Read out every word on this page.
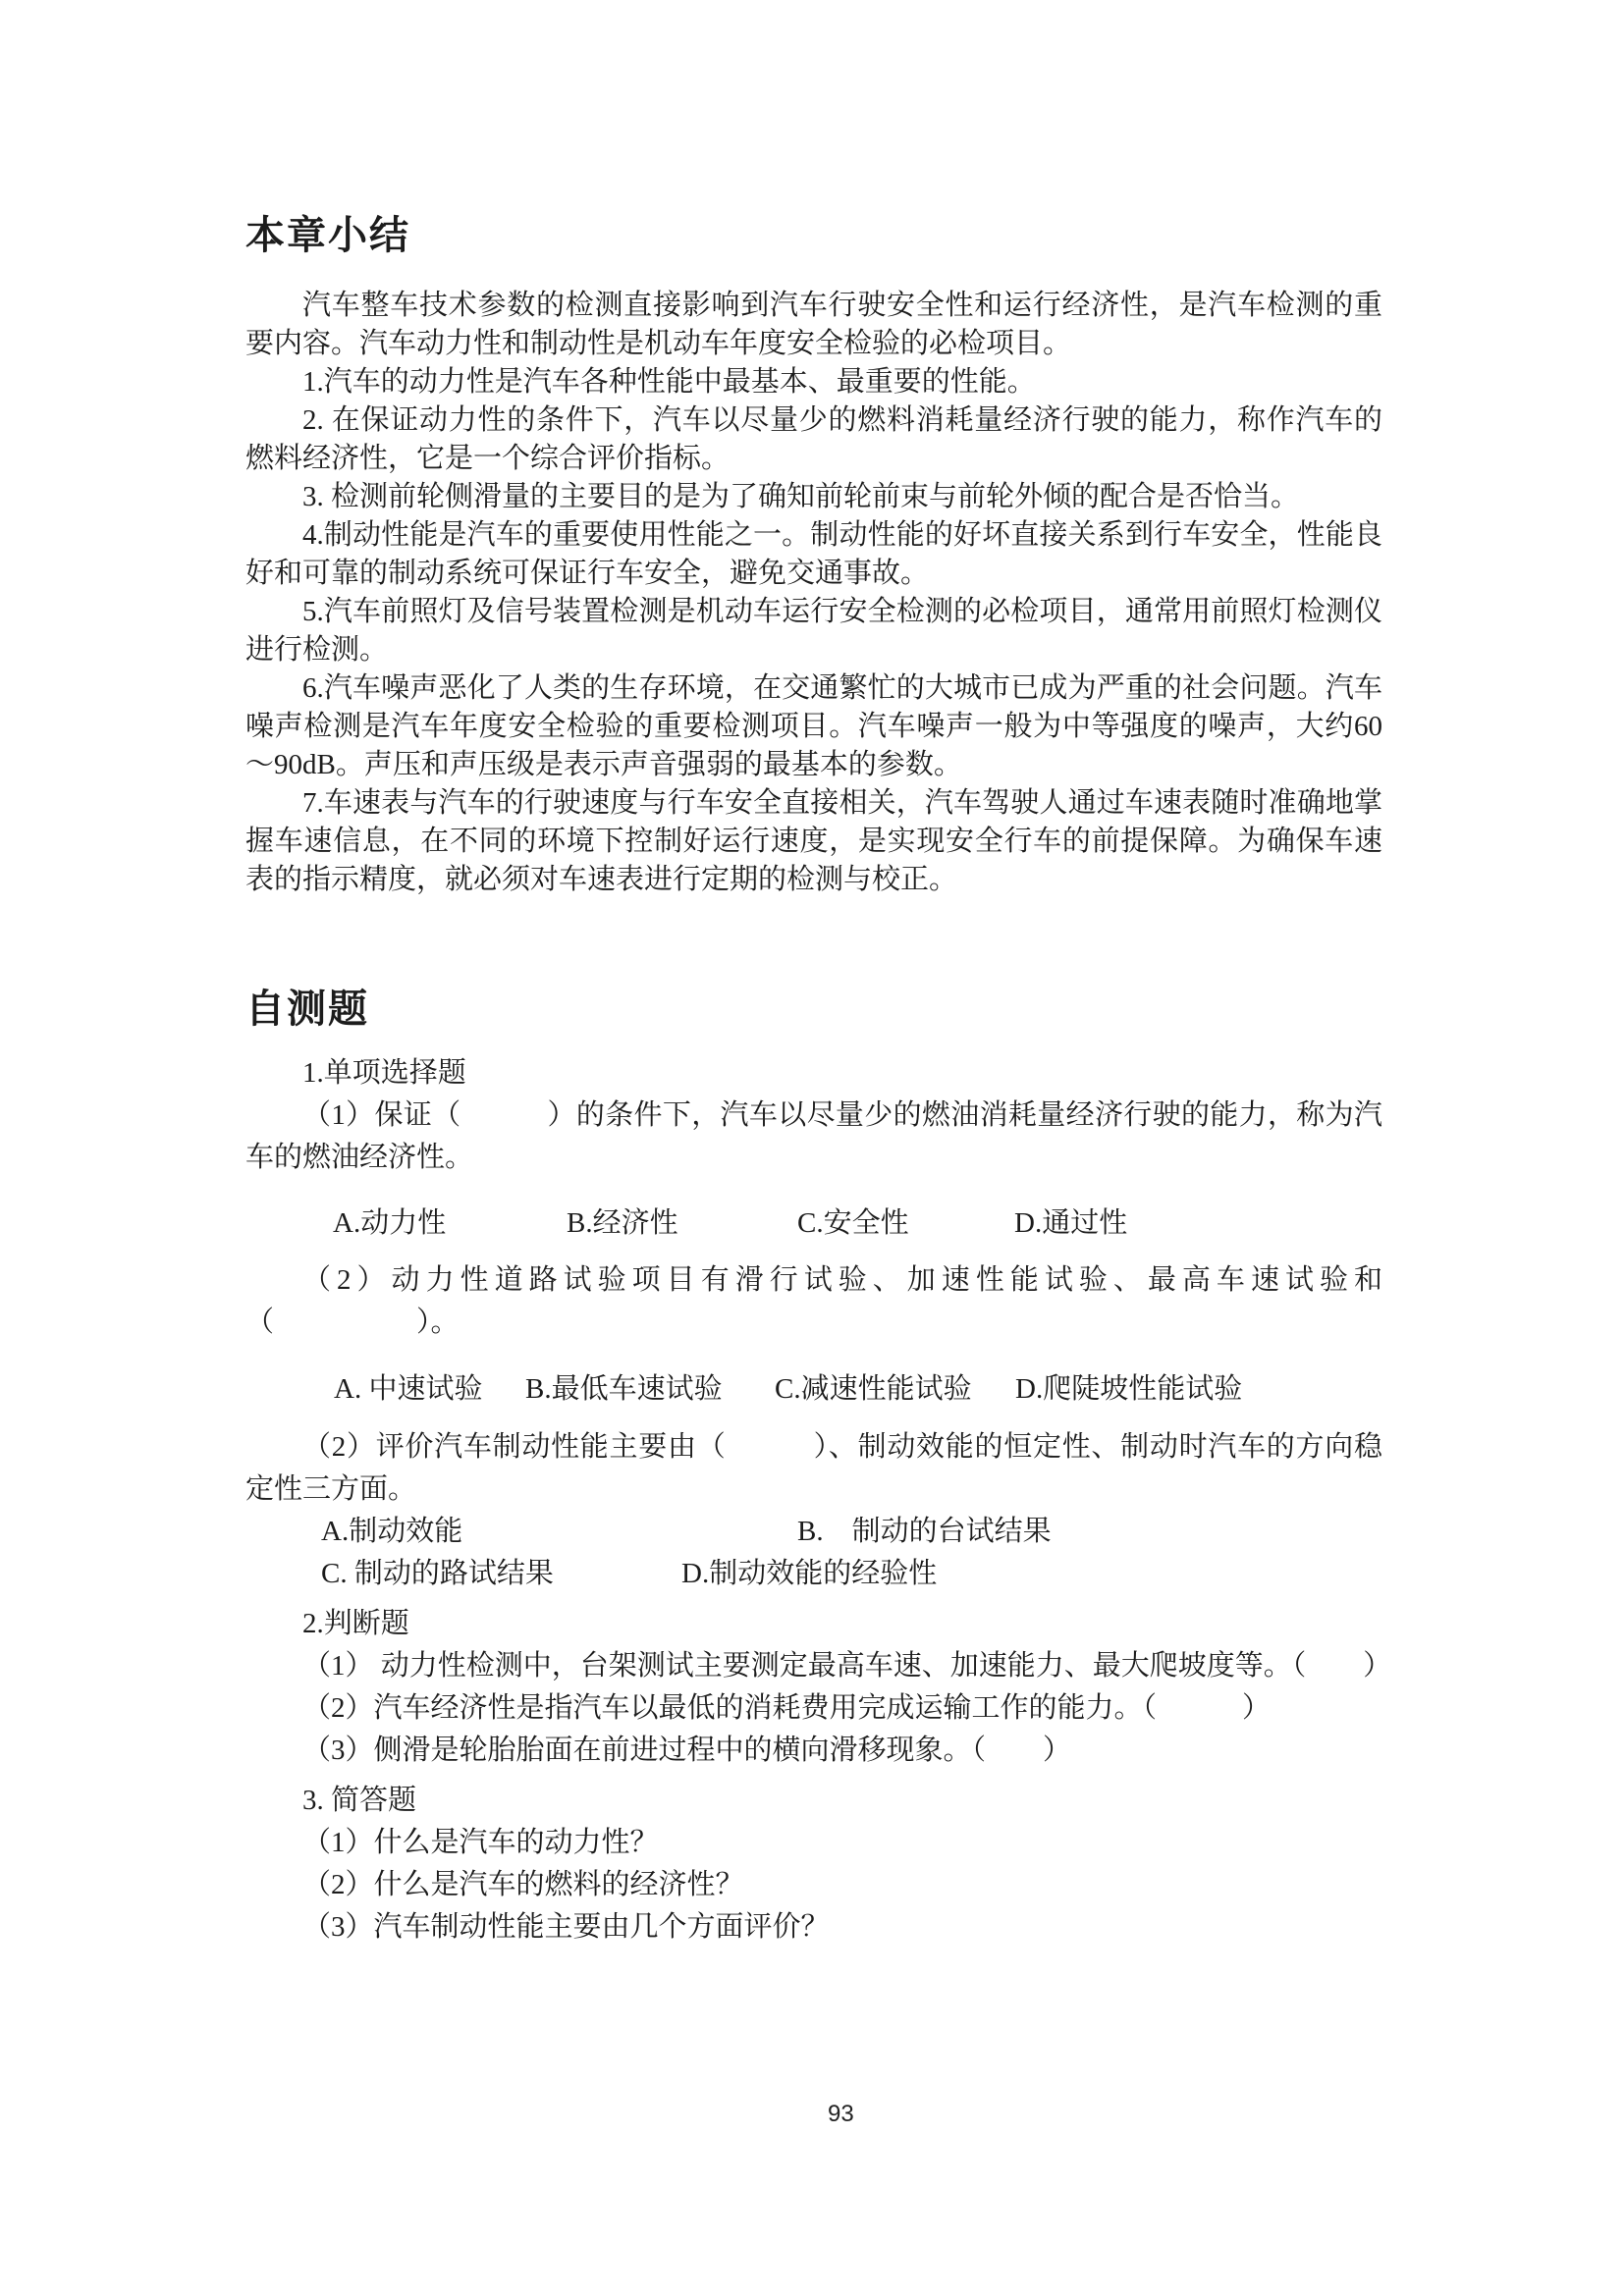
本章小结

汽车整车技术参数的检测直接影响到汽车行驶安全性和运行经济性，是汽车检测的重要内容。汽车动力性和制动性是机动车年度安全检验的必检项目。

1.汽车的动力性是汽车各种性能中最基本、最重要的性能。

2. 在保证动力性的条件下，汽车以尽量少的燃料消耗量经济行驶的能力，称作汽车的燃料经济性，它是一个综合评价指标。

3. 检测前轮侧滑量的主要目的是为了确知前轮前束与前轮外倾的配合是否恰当。

4.制动性能是汽车的重要使用性能之一。制动性能的好坏直接关系到行车安全，性能良好和可靠的制动系统可保证行车安全，避免交通事故。

5.汽车前照灯及信号装置检测是机动车运行安全检测的必检项目，通常用前照灯检测仪进行检测。

6.汽车噪声恶化了人类的生存环境，在交通繁忙的大城市已成为严重的社会问题。汽车噪声检测是汽车年度安全检验的重要检测项目。汽车噪声一般为中等强度的噪声，大约60～90dB。声压和声压级是表示声音强弱的最基本的参数。

7.车速表与汽车的行驶速度与行车安全直接相关，汽车驾驶人通过车速表随时准确地掌握车速信息，在不同的环境下控制好运行速度，是实现安全行车的前提保障。为确保车速表的指示精度，就必须对车速表进行定期的检测与校正。

自测题

1.单项选择题

（1）保证（　　　）的条件下，汽车以尽量少的燃油消耗量经济行驶的能力，称为汽车的燃油经济性。

A.动力性	B.经济性	C.安全性	D.通过性

（2）动力性道路试验项目有滑行试验、加速性能试验、最高车速试验和（　　　　　）。

A. 中速试验	B.最低车速试验	C.减速性能试验	D.爬陡坡性能试验

（2）评价汽车制动性能主要由（　　　）、制动效能的恒定性、制动时汽车的方向稳定性三方面。

A.制动效能	B.　制动的台试结果
C. 制动的路试结果	D.制动效能的经验性

2.判断题

（1） 动力性检测中，台架测试主要测定最高车速、加速能力、最大爬坡度等。（　　）

（2）汽车经济性是指汽车以最低的消耗费用完成运输工作的能力。（　　　）

（3）侧滑是轮胎胎面在前进过程中的横向滑移现象。（　　）

3. 简答题

（1）什么是汽车的动力性？

（2）什么是汽车的燃料的经济性？

（3）汽车制动性能主要由几个方面评价？

93
